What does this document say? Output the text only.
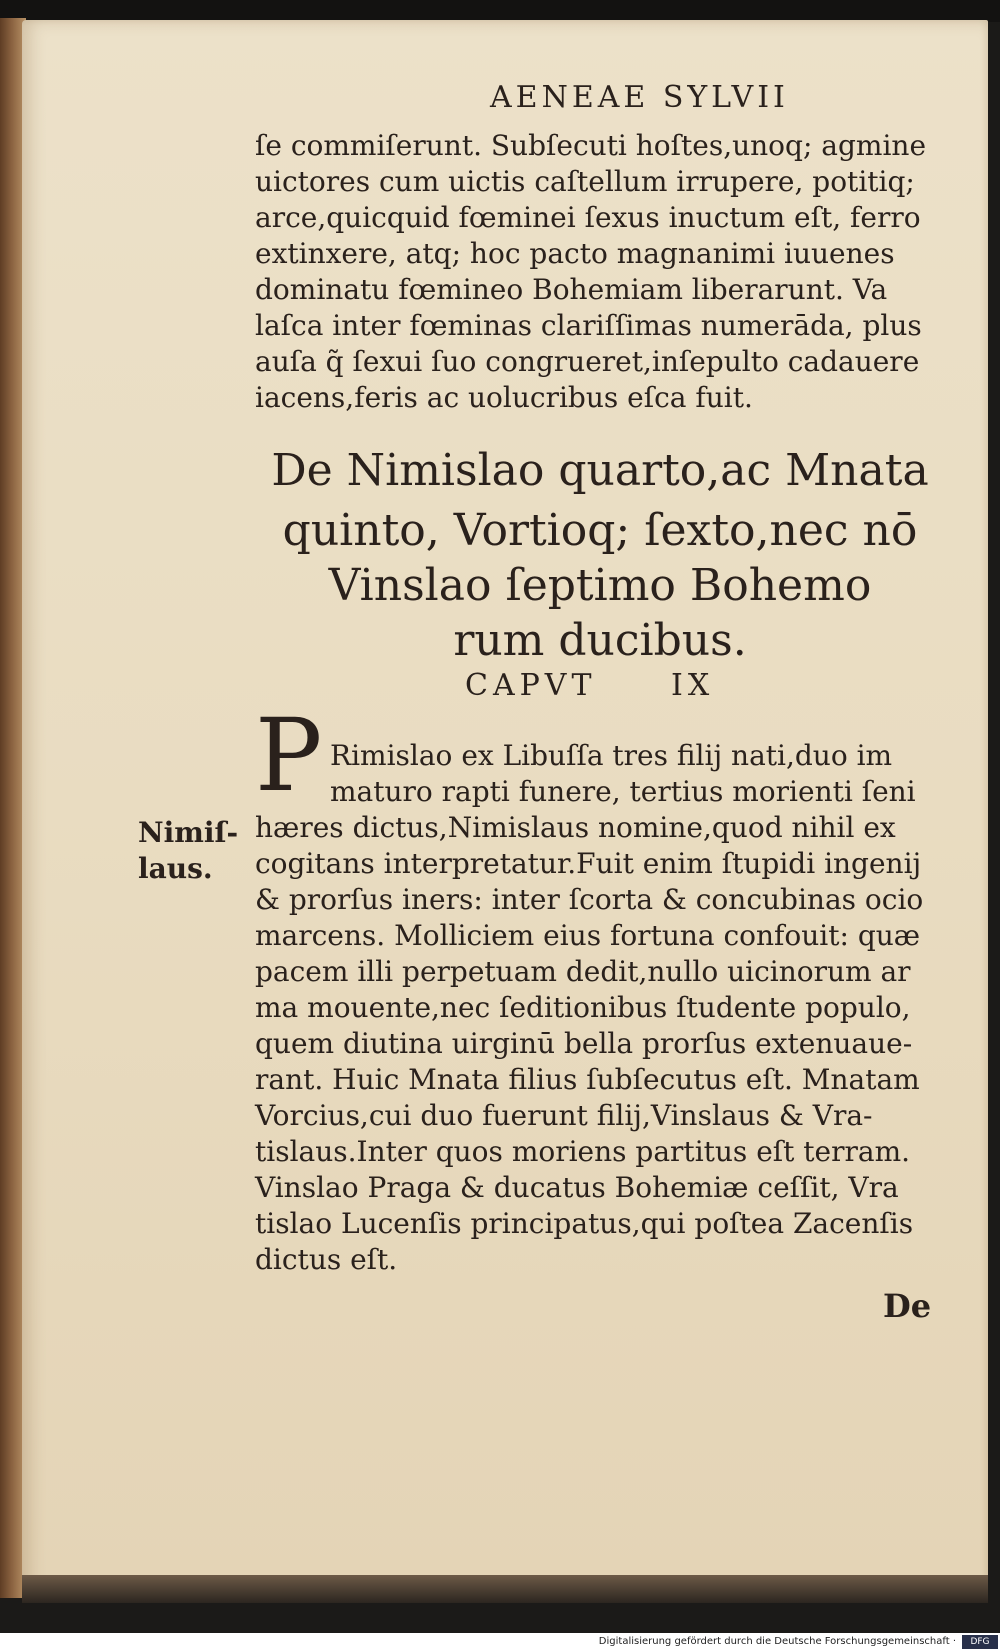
AENEAE SYLVII
ſe commiſerunt. Subſecuti hoſtes,unoq; agmine
uictores cum uictis caſtellum irrupere, potitiq;
arce,quicquid fœminei ſexus inuctum eſt, ferro
extinxere, atq; hoc pacto magnanimi iuuenes
dominatu fœmineo Bohemiam liberarunt. Va
laſca inter fœminas clariſſimas numerāda, plus
auſa q̃ ſexui ſuo congrueret,inſepulto cadauere
iacens,feris ac uolucribus eſca fuit.
De Nimislao quarto,ac Mnata
quinto, Vortioq; ſexto,nec nō
Vinslao ſeptimo Bohemo
rum ducibus.
CAPVT IX
P Rimislao ex Libuſſa tres filij nati,duo im
maturo rapti funere, tertius morienti ſeni
hæres dictus,Nimislaus nomine,quod nihil ex
cogitans interpretatur.Fuit enim ſtupidi ingenij
& prorſus iners: inter ſcorta & concubinas ocio
marcens. Molliciem eius fortuna confouit: quæ
pacem illi perpetuam dedit,nullo uicinorum ar
ma mouente,nec ſeditionibus ſtudente populo,
quem diutina uirginū bella prorſus extenuaue-
rant. Huic Mnata filius ſubſecutus eſt. Mnatam
Vorcius,cui duo fuerunt filij,Vinslaus & Vra-
tislaus.Inter quos moriens partitus eſt terram.
Vinslao Praga & ducatus Bohemiæ ceſſit, Vra
tislao Lucenſis principatus,qui poſtea Zacenſis
dictus eſt.
Nimiſ-
laus.
De
Digitalisierung gefördert durch die Deutsche Forschungsgemeinschaft ·	DFG
